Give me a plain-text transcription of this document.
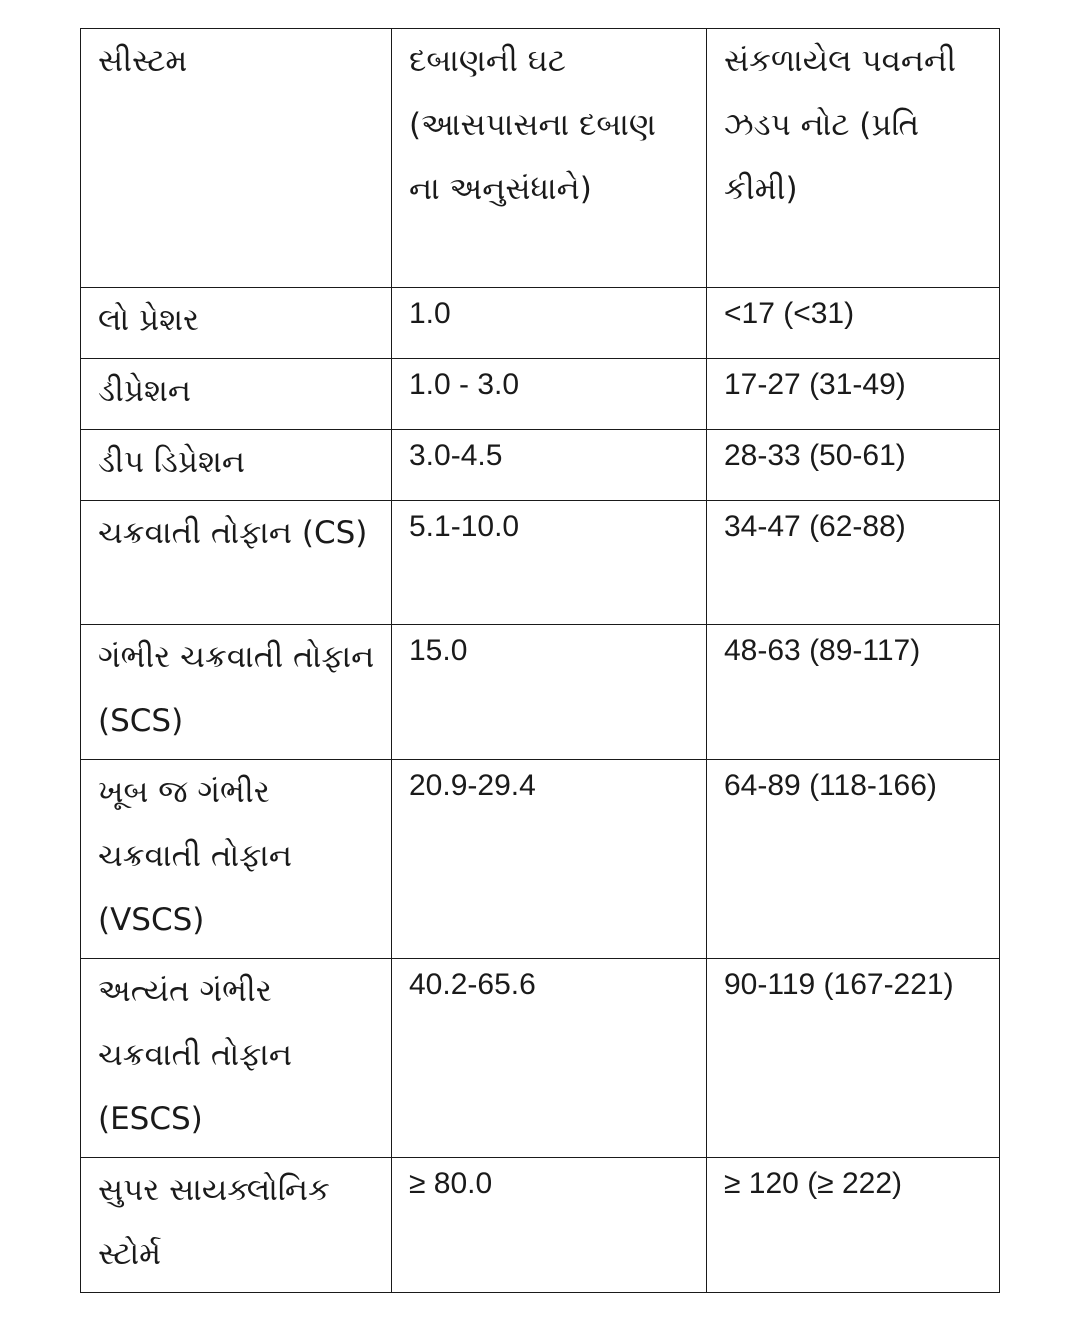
સીસ્ટમ	દબાણની ઘટ (આસપાસના દબાણ ના અનુસંધાને)	સંકળાયેલ પવનની ઝડપ નોટ (પ્રતિ કીમી)
લો પ્રેશર	1.0	<17 (<31)
ડીપ્રેશન	1.0 - 3.0	17-27 (31-49)
ડીપ ડિપ્રેશન	3.0-4.5	28-33 (50-61)
ચક્રવાતી તોફાન (CS)	5.1-10.0	34-47 (62-88)
ગંભીર ચક્રવાતી તોફાન (SCS)	15.0	48-63 (89-117)
ખૂબ જ ગંભીર ચક્રવાતી તોફાન (VSCS)	20.9-29.4	64-89 (118-166)
અત્યંત ગંભીર ચક્રવાતી તોફાન (ESCS)	40.2-65.6	90-119 (167-221)
સુપર સાયક્લોનિક સ્ટોર્મ	≥ 80.0	≥ 120 (≥ 222)
